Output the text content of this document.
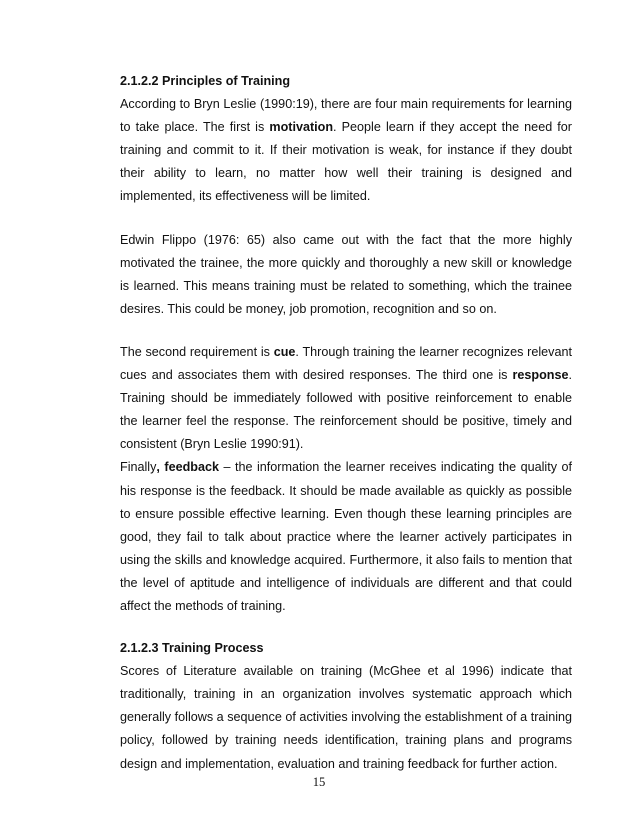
2.1.2.2 Principles of Training

According to Bryn Leslie (1990:19), there are four main requirements for learning to take place. The first is motivation. People learn if they accept the need for training and commit to it. If their motivation is weak, for instance if they doubt their ability to learn, no matter how well their training is designed and implemented, its effectiveness will be limited.

Edwin Flippo (1976: 65) also came out with the fact that the more highly motivated the trainee, the more quickly and thoroughly a new skill or knowledge is learned. This means training must be related to something, which the trainee desires. This could be money, job promotion, recognition and so on.

The second requirement is cue. Through training the learner recognizes relevant cues and associates them with desired responses. The third one is response. Training should be immediately followed with positive reinforcement to enable the learner feel the response. The reinforcement should be positive, timely and consistent (Bryn Leslie 1990:91).

Finally, feedback – the information the learner receives indicating the quality of his response is the feedback. It should be made available as quickly as possible to ensure possible effective learning. Even though these learning principles are good, they fail to talk about practice where the learner actively participates in using the skills and knowledge acquired. Furthermore, it also fails to mention that the level of aptitude and intelligence of individuals are different and that could affect the methods of training.

2.1.2.3 Training Process

Scores of Literature available on training (McGhee et al 1996) indicate that traditionally, training in an organization involves systematic approach which generally follows a sequence of activities involving the establishment of a training policy, followed by training needs identification, training plans and programs design and implementation, evaluation and training feedback for further action.

15
